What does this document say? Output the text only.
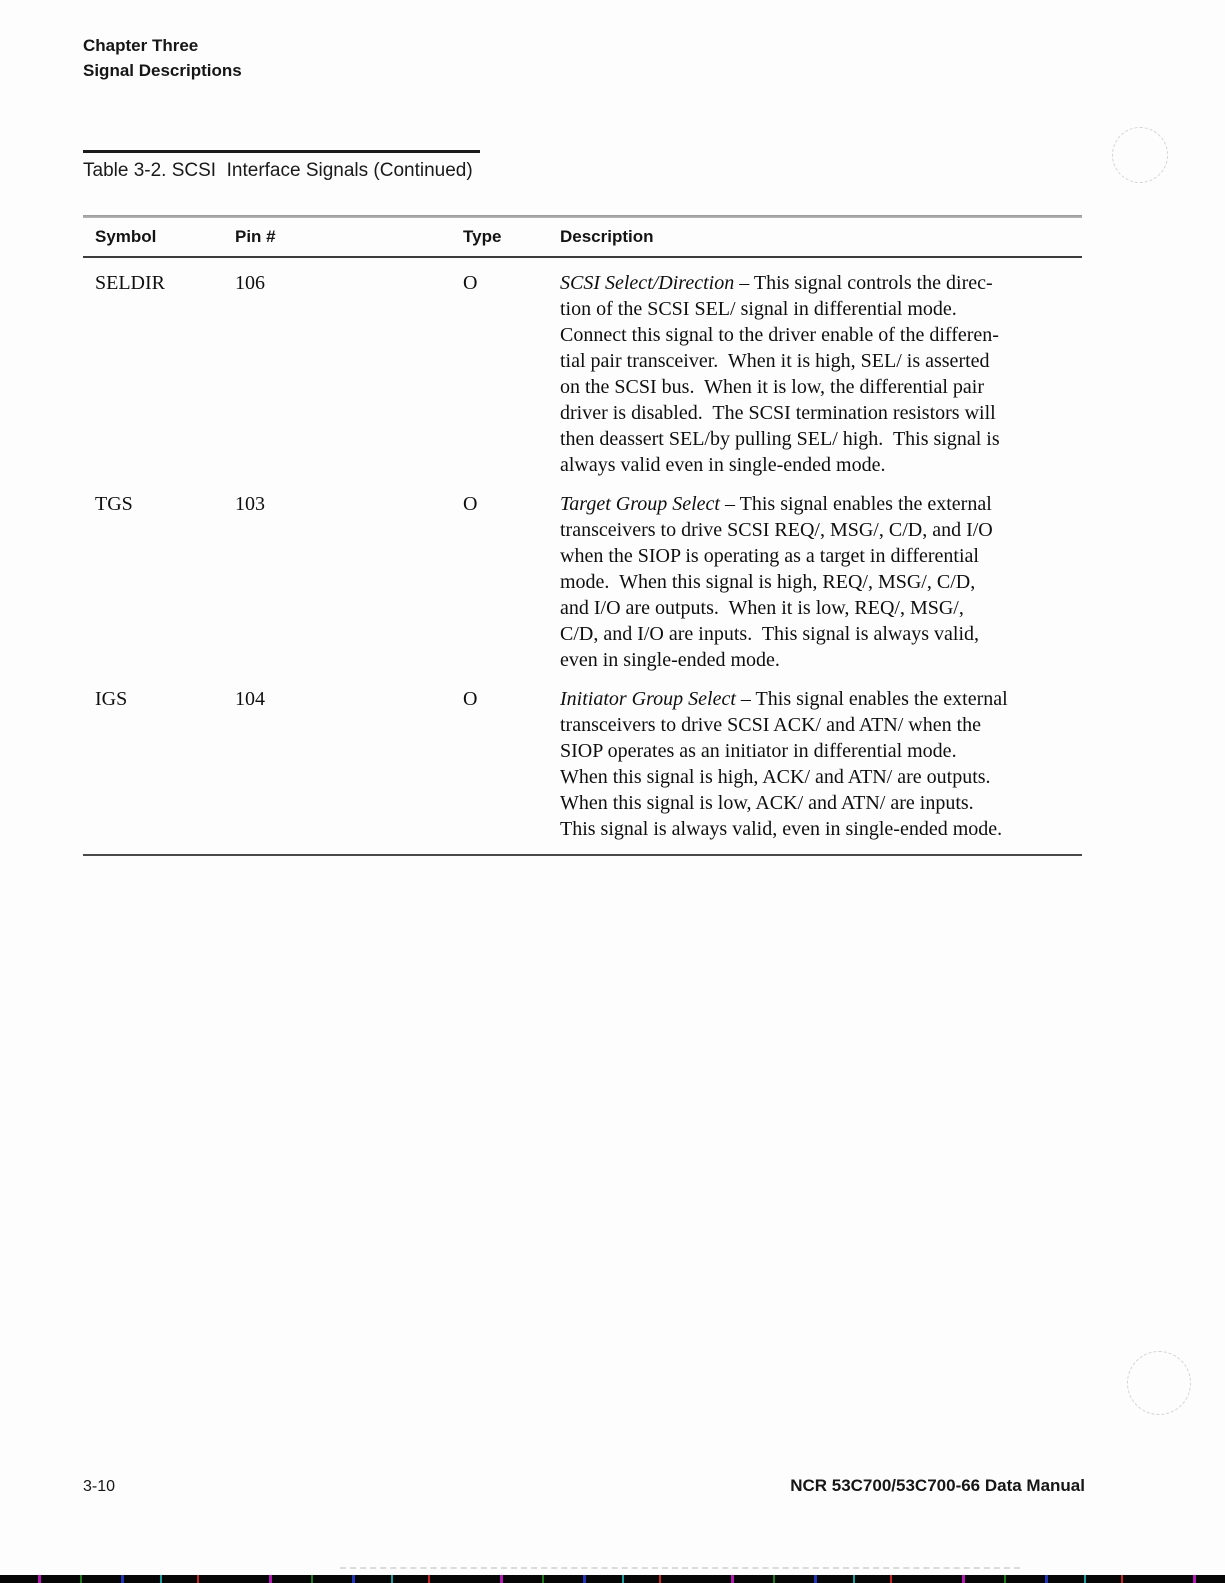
Chapter Three
Signal Descriptions
Table 3-2. SCSI  Interface Signals (Continued)
Symbol	Pin #	Type	Description
SELDIR	106	O	SCSI Select/Direction – This signal controls the direc-
tion of the SCSI SEL/ signal in differential mode.
Connect this signal to the driver enable of the differen-
tial pair transceiver.  When it is high, SEL/ is asserted
on the SCSI bus.  When it is low, the differential pair
driver is disabled.  The SCSI termination resistors will
then deassert SEL/by pulling SEL/ high.  This signal is
always valid even in single-ended mode.
TGS	103	O	Target Group Select – This signal enables the external
transceivers to drive SCSI REQ/, MSG/, C/D, and I/O
when the SIOP is operating as a target in differential
mode.  When this signal is high, REQ/, MSG/, C/D,
and I/O are outputs.  When it is low, REQ/, MSG/,
C/D, and I/O are inputs.  This signal is always valid,
even in single-ended mode.
IGS	104	O	Initiator Group Select – This signal enables the external
transceivers to drive SCSI ACK/ and ATN/ when the
SIOP operates as an initiator in differential mode.
When this signal is high, ACK/ and ATN/ are outputs.
When this signal is low, ACK/ and ATN/ are inputs.
This signal is always valid, even in single-ended mode.
3-10	NCR 53C700/53C700-66 Data Manual
